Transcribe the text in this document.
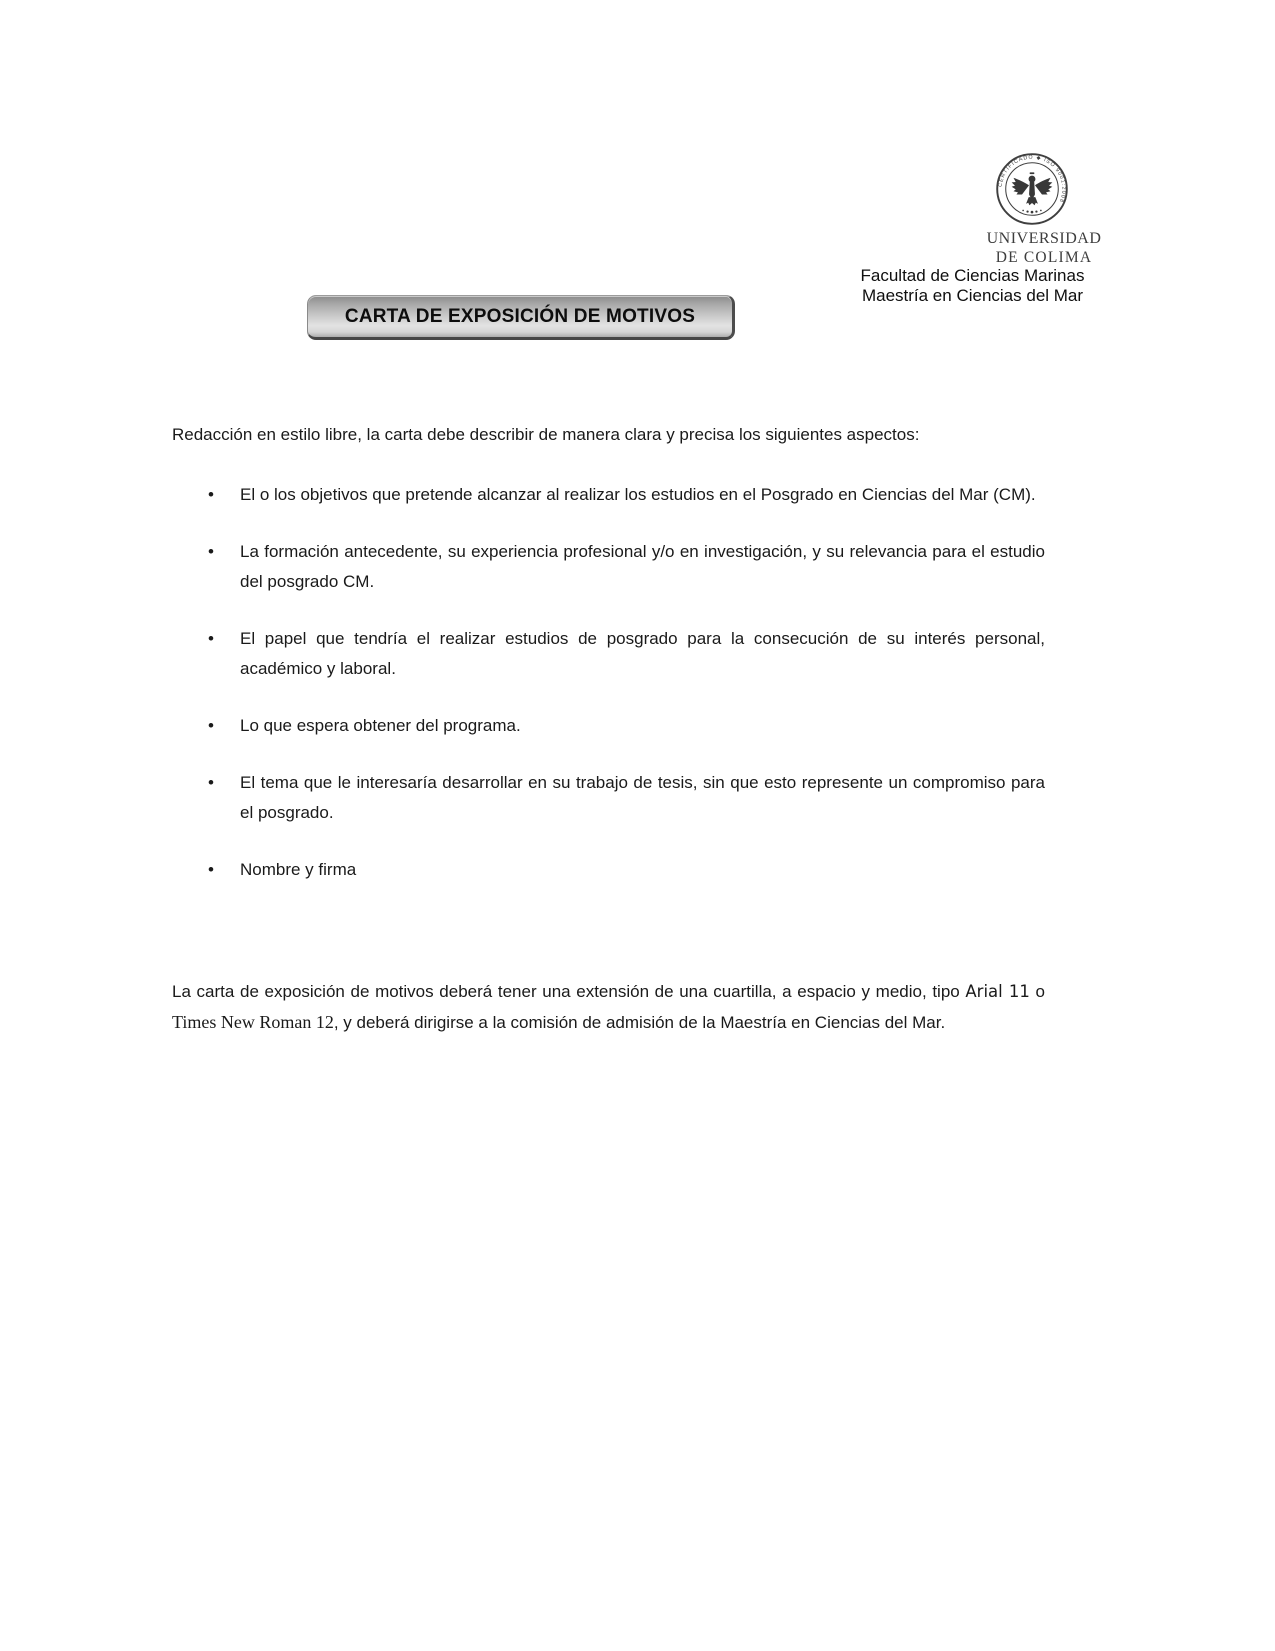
CERTIFICADO ◆ ISO 9001:2008
UNIVERSIDAD
DE COLIMA
Facultad de Ciencias Marinas
Maestría en Ciencias del Mar
CARTA DE EXPOSICIÓN DE MOTIVOS

Redacción en estilo libre, la carta debe describir de manera clara y precisa los siguientes aspectos:

• El o los objetivos que pretende alcanzar al realizar los estudios en el Posgrado en Ciencias del Mar (CM).
• La formación antecedente, su experiencia profesional y/o en investigación, y su relevancia para el estudio del posgrado CM.
• El papel que tendría el realizar estudios de posgrado para la consecución de su interés personal, académico y laboral.
• Lo que espera obtener del programa.
• El tema que le interesaría desarrollar en su trabajo de tesis, sin que esto represente un compromiso para el posgrado.
• Nombre y firma

La carta de exposición de motivos deberá tener una extensión de una cuartilla, a espacio y medio, tipo Arial 11 o Times New Roman 12, y deberá dirigirse a la comisión de admisión de la Maestría en Ciencias del Mar.
